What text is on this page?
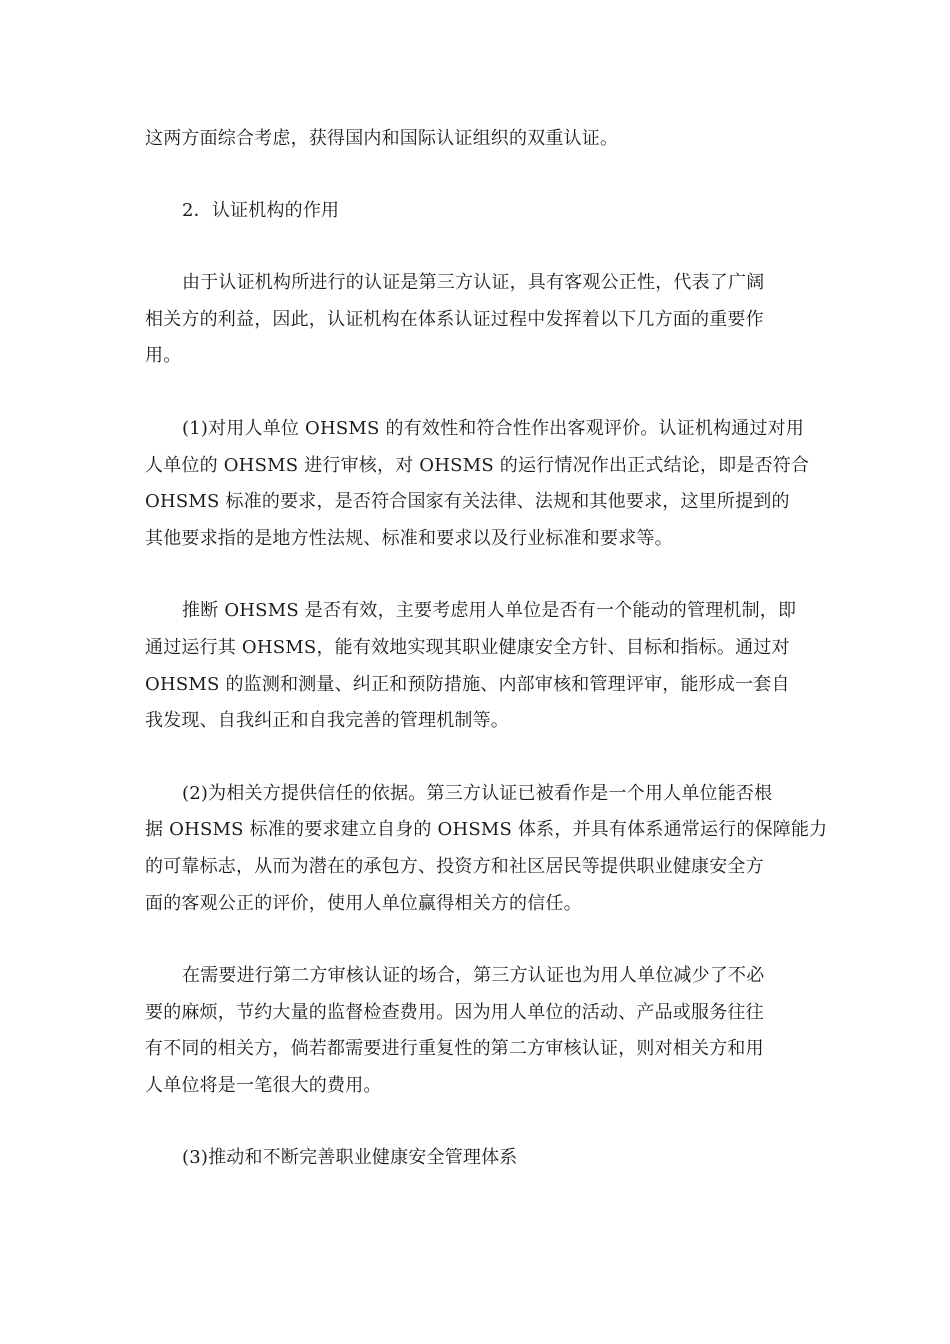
这两方面综合考虑，获得国内和国际认证组织的双重认证。
2．认证机构的作用
由于认证机构所进行的认证是第三方认证，具有客观公正性，代表了广阔
相关方的利益，因此，认证机构在体系认证过程中发挥着以下几方面的重要作
用。
(1)对用人单位 OHSMS 的有效性和符合性作出客观评价。认证机构通过对用
人单位的 OHSMS 进行审核，对 OHSMS 的运行情况作出正式结论，即是否符合
OHSMS 标准的要求，是否符合国家有关法律、法规和其他要求，这里所提到的
其他要求指的是地方性法规、标准和要求以及行业标准和要求等。
推断 OHSMS 是否有效，主要考虑用人单位是否有一个能动的管理机制，即
通过运行其 OHSMS，能有效地实现其职业健康安全方针、目标和指标。通过对
OHSMS 的监测和测量、纠正和预防措施、内部审核和管理评审，能形成一套自
我发现、自我纠正和自我完善的管理机制等。
(2)为相关方提供信任的依据。第三方认证已被看作是一个用人单位能否根
据 OHSMS 标准的要求建立自身的 OHSMS 体系，并具有体系通常运行的保障能力
的可靠标志，从而为潜在的承包方、投资方和社区居民等提供职业健康安全方
面的客观公正的评价，使用人单位赢得相关方的信任。
在需要进行第二方审核认证的场合，第三方认证也为用人单位减少了不必
要的麻烦，节约大量的监督检查费用。因为用人单位的活动、产品或服务往往
有不同的相关方，倘若都需要进行重复性的第二方审核认证，则对相关方和用
人单位将是一笔很大的费用。
(3)推动和不断完善职业健康安全管理体系
